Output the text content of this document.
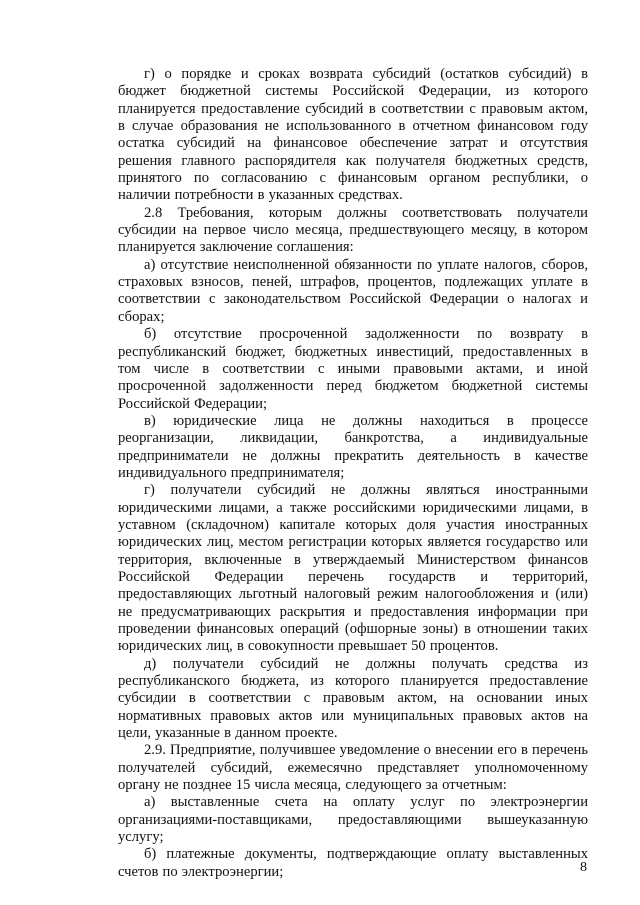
г) о порядке и сроках возврата субсидий (остатков субсидий) в бюджет бюджетной системы Российской Федерации, из которого планируется предоставление субсидий в соответствии с правовым актом, в случае образования не использованного в отчетном финансовом году остатка субсидий на финансовое обеспечение затрат и отсутствия решения главного распорядителя как получателя бюджетных средств, принятого по согласованию с финансовым органом республики, о наличии потребности в указанных средствах.

2.8 Требования, которым должны соответствовать получатели субсидии на первое число месяца, предшествующего месяцу, в котором планируется заключение соглашения:

а) отсутствие неисполненной обязанности по уплате налогов, сборов, страховых взносов, пеней, штрафов, процентов, подлежащих уплате в соответствии с законодательством Российской Федерации о налогах и сборах;

б) отсутствие просроченной задолженности по возврату в республиканский бюджет, бюджетных инвестиций, предоставленных в том числе в соответствии с иными правовыми актами, и иной просроченной задолженности перед бюджетом бюджетной системы Российской Федерации;

в) юридические лица не должны находиться в процессе реорганизации, ликвидации, банкротства, а индивидуальные предприниматели не должны прекратить деятельность в качестве индивидуального предпринимателя;

г) получатели субсидий не должны являться иностранными юридическими лицами, а также российскими юридическими лицами, в уставном (складочном) капитале которых доля участия иностранных юридических лиц, местом регистрации которых является государство или территория, включенные в утверждаемый Министерством финансов Российской Федерации перечень государств и территорий, предоставляющих льготный налоговый режим налогообложения и (или) не предусматривающих раскрытия и предоставления информации при проведении финансовых операций (офшорные зоны) в отношении таких юридических лиц, в совокупности превышает 50 процентов.

д) получатели субсидий не должны получать средства из республиканского бюджета, из которого планируется предоставление субсидии в соответствии с правовым актом, на основании иных нормативных правовых актов или муниципальных правовых актов на цели, указанные в данном проекте.

2.9. Предприятие, получившее уведомление о внесении его в перечень получателей субсидий, ежемесячно представляет уполномоченному органу не позднее 15 числа месяца, следующего за отчетным:

а) выставленные счета на оплату услуг по электроэнергии организациями-поставщиками, предоставляющими вышеуказанную услугу;

б) платежные документы, подтверждающие оплату выставленных счетов по электроэнергии;	8
